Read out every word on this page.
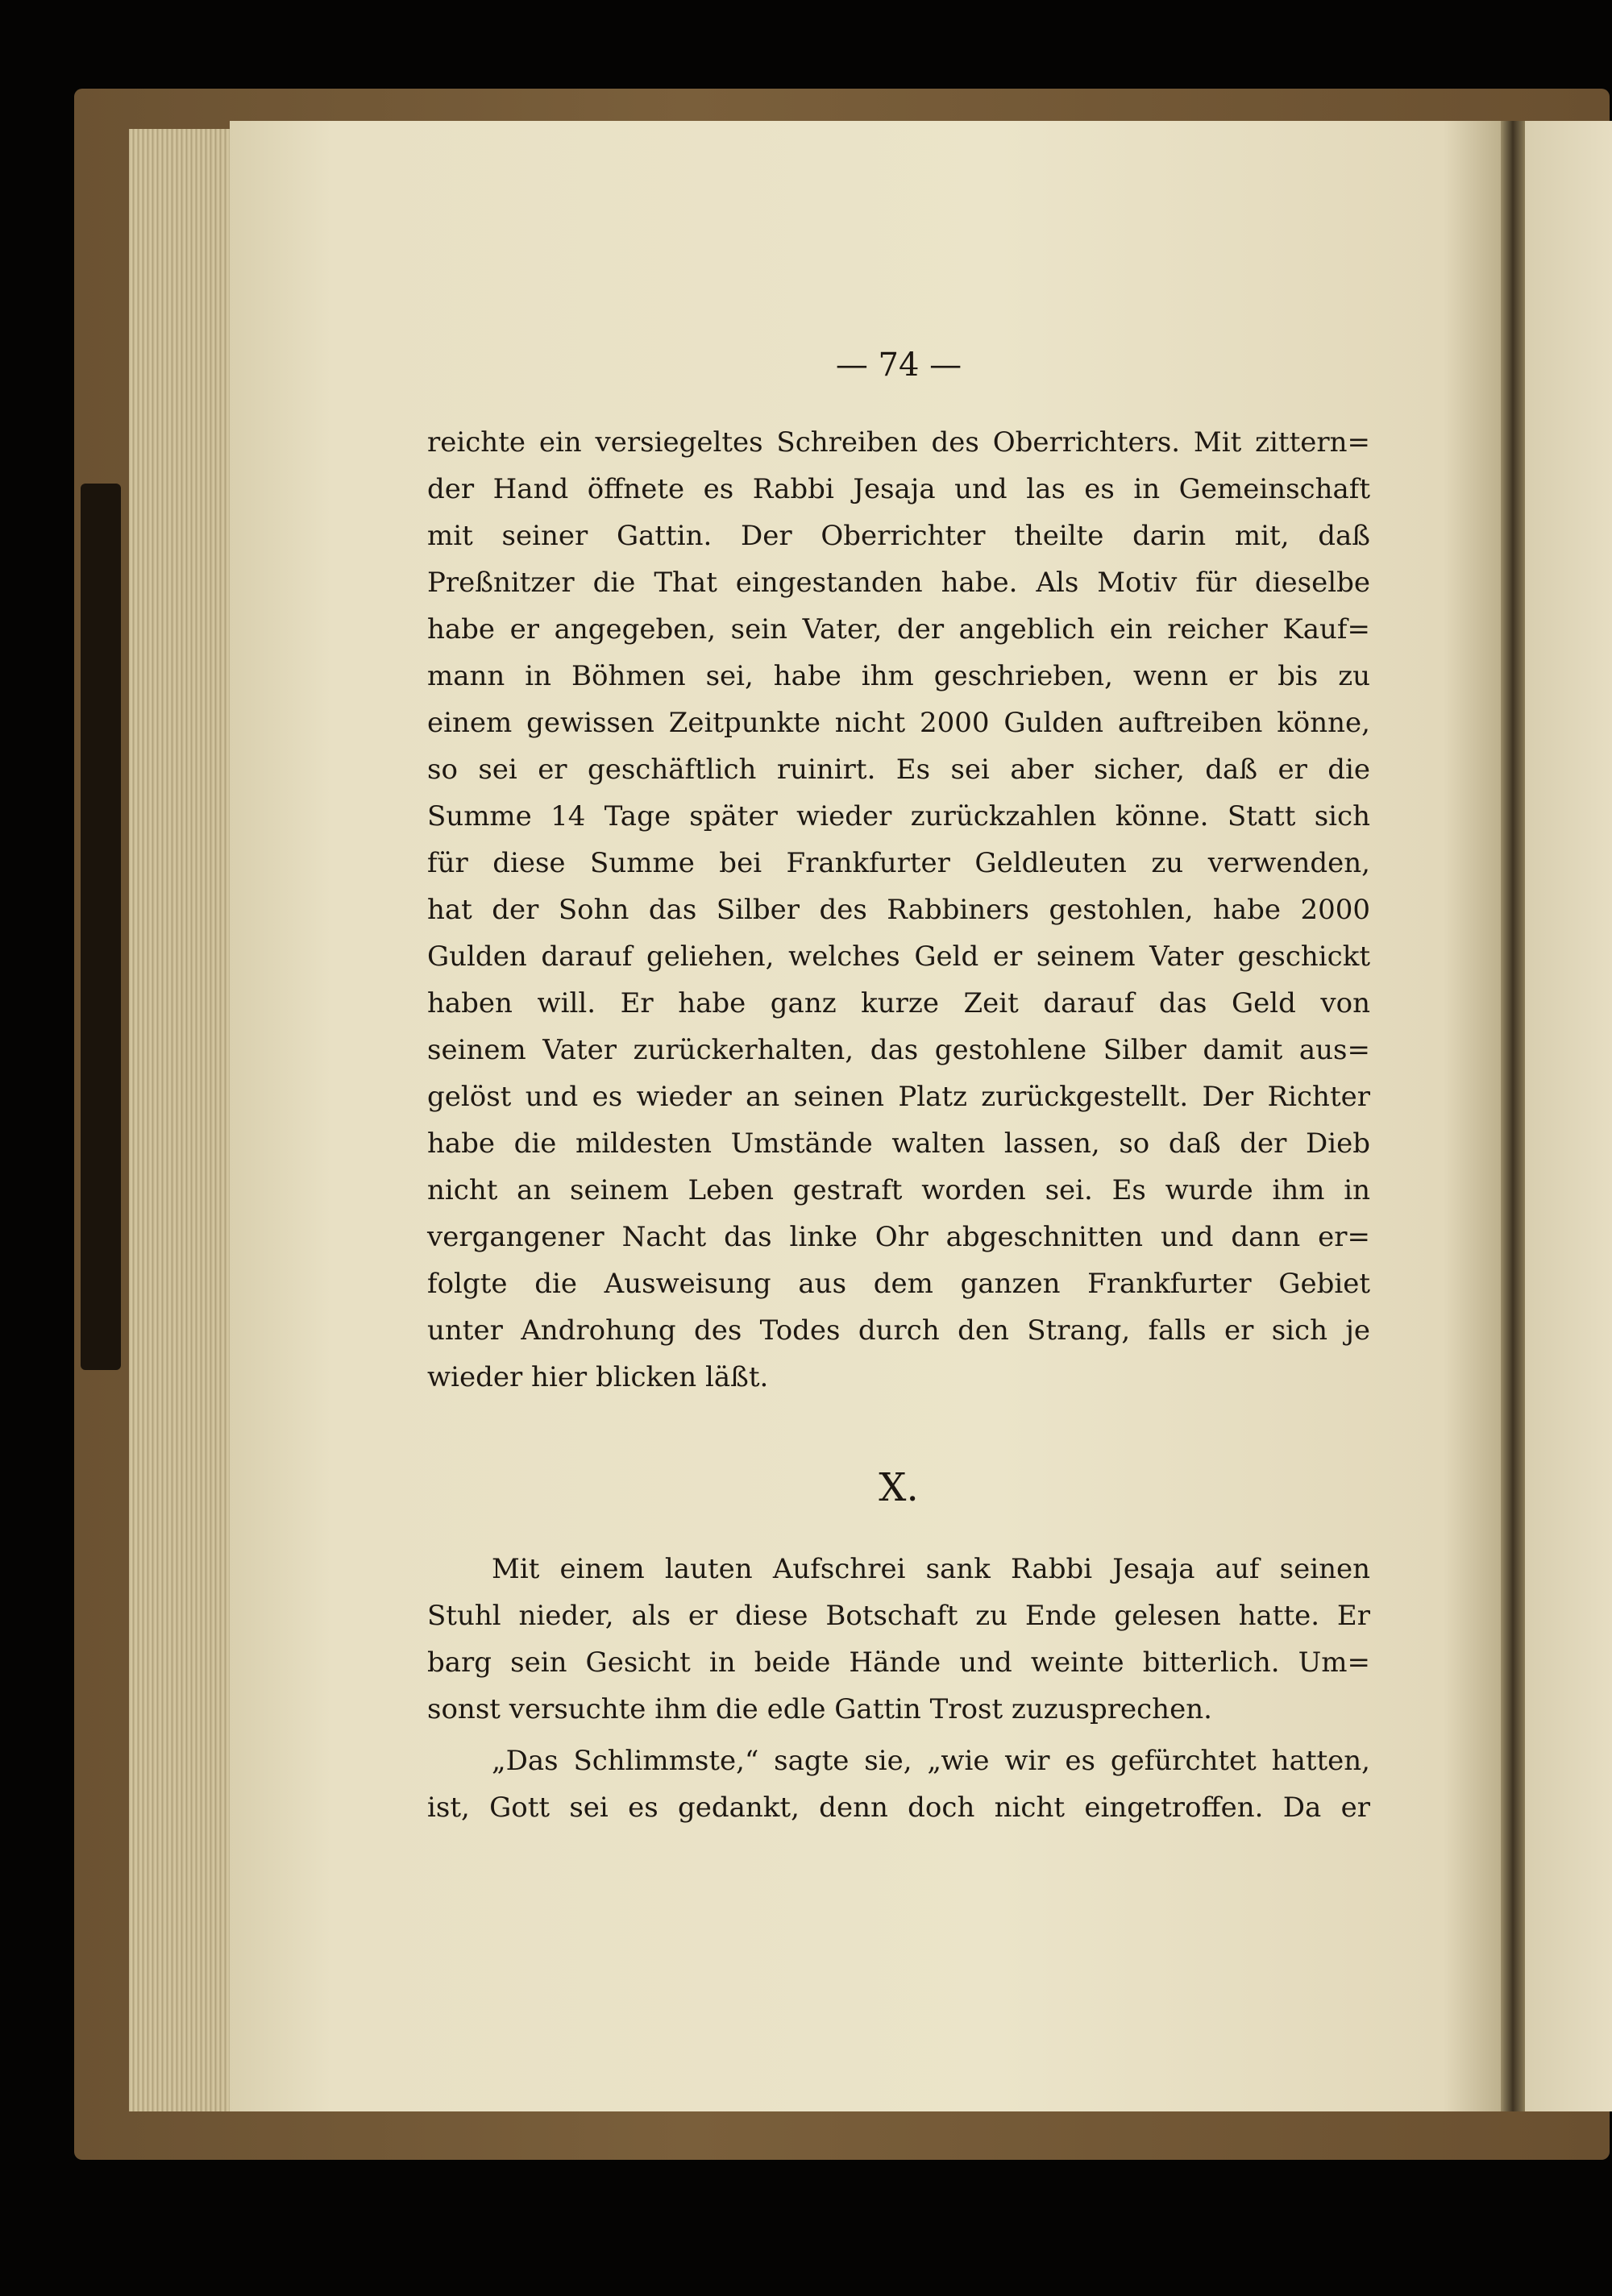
— 74 —
reichte ein versiegeltes Schreiben des Oberrichters. Mit zittern=
der Hand öffnete es Rabbi Jesaja und las es in Gemeinschaft
mit seiner Gattin. Der Oberrichter theilte darin mit, daß
Preßnitzer die That eingestanden habe. Als Motiv für dieselbe
habe er angegeben, sein Vater, der angeblich ein reicher Kauf=
mann in Böhmen sei, habe ihm geschrieben, wenn er bis zu
einem gewissen Zeitpunkte nicht 2000 Gulden auftreiben könne,
so sei er geschäftlich ruinirt. Es sei aber sicher, daß er die
Summe 14 Tage später wieder zurückzahlen könne. Statt sich
für diese Summe bei Frankfurter Geldleuten zu verwenden,
hat der Sohn das Silber des Rabbiners gestohlen, habe 2000
Gulden darauf geliehen, welches Geld er seinem Vater geschickt
haben will. Er habe ganz kurze Zeit darauf das Geld von
seinem Vater zurückerhalten, das gestohlene Silber damit aus=
gelöst und es wieder an seinen Platz zurückgestellt. Der Richter
habe die mildesten Umstände walten lassen, so daß der Dieb
nicht an seinem Leben gestraft worden sei. Es wurde ihm in
vergangener Nacht das linke Ohr abgeschnitten und dann er=
folgte die Ausweisung aus dem ganzen Frankfurter Gebiet
unter Androhung des Todes durch den Strang, falls er sich je
wieder hier blicken läßt.
X.
Mit einem lauten Aufschrei sank Rabbi Jesaja auf seinen
Stuhl nieder, als er diese Botschaft zu Ende gelesen hatte. Er
barg sein Gesicht in beide Hände und weinte bitterlich. Um=
sonst versuchte ihm die edle Gattin Trost zuzusprechen.
„Das Schlimmste,“ sagte sie, „wie wir es gefürchtet hatten,
ist, Gott sei es gedankt, denn doch nicht eingetroffen. Da er
